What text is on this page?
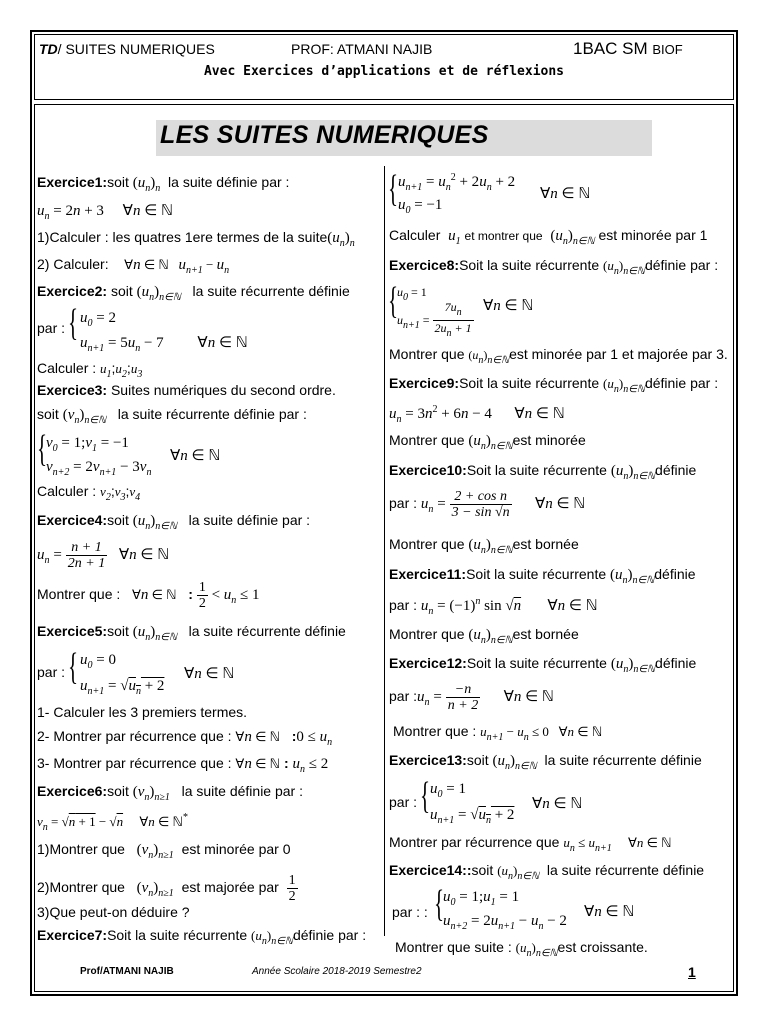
TD/ SUITES NUMERIQUES	PROF: ATMANI NAJIB	1BAC SM BIOF
Avec Exercices d’applications et de réflexions
LES SUITES NUMERIQUES
Exercice1:soit $(u_n)_n$ la suite définie par :
$u_n = 2n + 3$     ∀n ∈ ℕ
1)Calculer : les quatres 1ere termes de la $suite(u_n)_n$
2) Calculer: ∀n ∈ ℕ   $u_{n+1} - u_n$
Exercice2: soit $(u_n)_{n\in ℕ}$ la suite récurrente définie
par : { $u_0 = 2$
$u_{n+1} = 5u_n - 7$         ∀n ∈ ℕ
Calculer : $u_1;u_2;u_3$
Exercice3: Suites numériques du second ordre.
soit $(v_n)_{n\in ℕ}$ la suite récurrente définie par :
{
$v_0$ = $1;v_1 = -1$
$v_{n+2} = 2v_{n+1} - 3v_n$
∀n ∈ ℕ
Calculer : $v_2;v_3;v_4$
Exercice4:soit $(u_n)_{n\in ℕ}$ la suite définie par :
$u_n = \frac{n + 1}{2n + 1}$ ∀n ∈ ℕ
Montrer que : ∀n ∈ ℕ : $\frac{1}{2} < u_n \le 1$
Exercice5:soit $(u_n)_{n\in ℕ}$ la suite récurrente définie
par : { $u_0 = 0$
$u_{n+1} = √u_n + 2$
∀n ∈ ℕ
1- Calculer les 3 premiers termes.
2- Montrer par récurrence que : ∀n ∈ ℕ :0 ≤ $u_n$
3- Montrer par récurrence que : ∀n ∈ ℕ : $u_n \le 2$
Exercice6:soit $(v_n)_{n\ge 1}$ la suite définie par :
$v_n = √n + 1 - √n$     ∀n ∈ ℕ*
1)Montrer que $(v_n)_{n\ge 1}$ est minorée par 0
2)Montrer que $(v_n)_{n\ge 1}$ est majorée par $\frac{1}{2}$
3)Que peut-on déduire ?
Exercice7:Soit la suite récurrente $(u_n)_{n\in ℕ}définie$ par :
{ $u_{n+1} = u_n^2 + 2u_n + 2$
$u_0 = -1$
∀n ∈ ℕ
Calculer $u_1$ et montrer que $(u_n)_{n\in ℕ}$ est minorée par 1
Exercice8:Soit la suite récurrente $(u_n)_{n\in ℕ}définie$ par :
{
$u_0 = 1$
$u_{n+1} = \frac{7u_n}{2u_n + 1}$ ∀n ∈ ℕ
Montrer que $(u_n)_{n\in ℕ}est$ minorée par 1 et majorée par 3.
Exercice9:Soit la suite récurrente $(u_n)_{n\in ℕ}définie$ par :
$u_n = 3n^2 + 6n - 4$      ∀n ∈ ℕ
Montrer que $(u_n)_{n\in ℕ}est$ minorée
Exercice10:Soit la suite récurrente $(u_n)_{n\in ℕ}définie$
par : $u_n = \frac{\text{2 + cos n}}{3 - \sin √n}$ ∀n ∈ ℕ
Montrer que $(u_n)_{n\in ℕ}est$ bornée
Exercice11:Soit la suite récurrente $(u_n)_{n\in ℕ}définie$
par : $u_n = (-1)^n$ sin √n       ∀n ∈ ℕ
Montrer que $(u_n)_{n\in ℕ}est$ bornée
Exercice12:Soit la suite récurrente $(u_n)_{n\in ℕ}définie$
par $:u_n = \frac{-n}{n + 2}$ ∀n ∈ ℕ
Montrer que : $u_{n+1} - u_n \le 0$   ∀n ∈ ℕ
Exercice13:soit $(u_n)_{n\in ℕ}$ la suite récurrente définie
par : { $u_0 = 1$
$u_{n+1} = √u_n + 2$
∀n ∈ ℕ
Montrer par récurrence que $u_n \le u_{n+1}$     ∀n ∈ ℕ
Exercice14::soit $(u_n)_{n\in ℕ}$ la suite récurrente définie
par : : {
$u_0$ = $1;u_1 = 1$
$u_{n+2} = 2u_{n+1} - u_n - 2$
∀n ∈ ℕ
Montrer que suite : $(u_n)_{n\in ℕ}est$ croissante.
Prof/ATMANI NAJIB	Année Scolaire 2018-2019 Semestre2	1
